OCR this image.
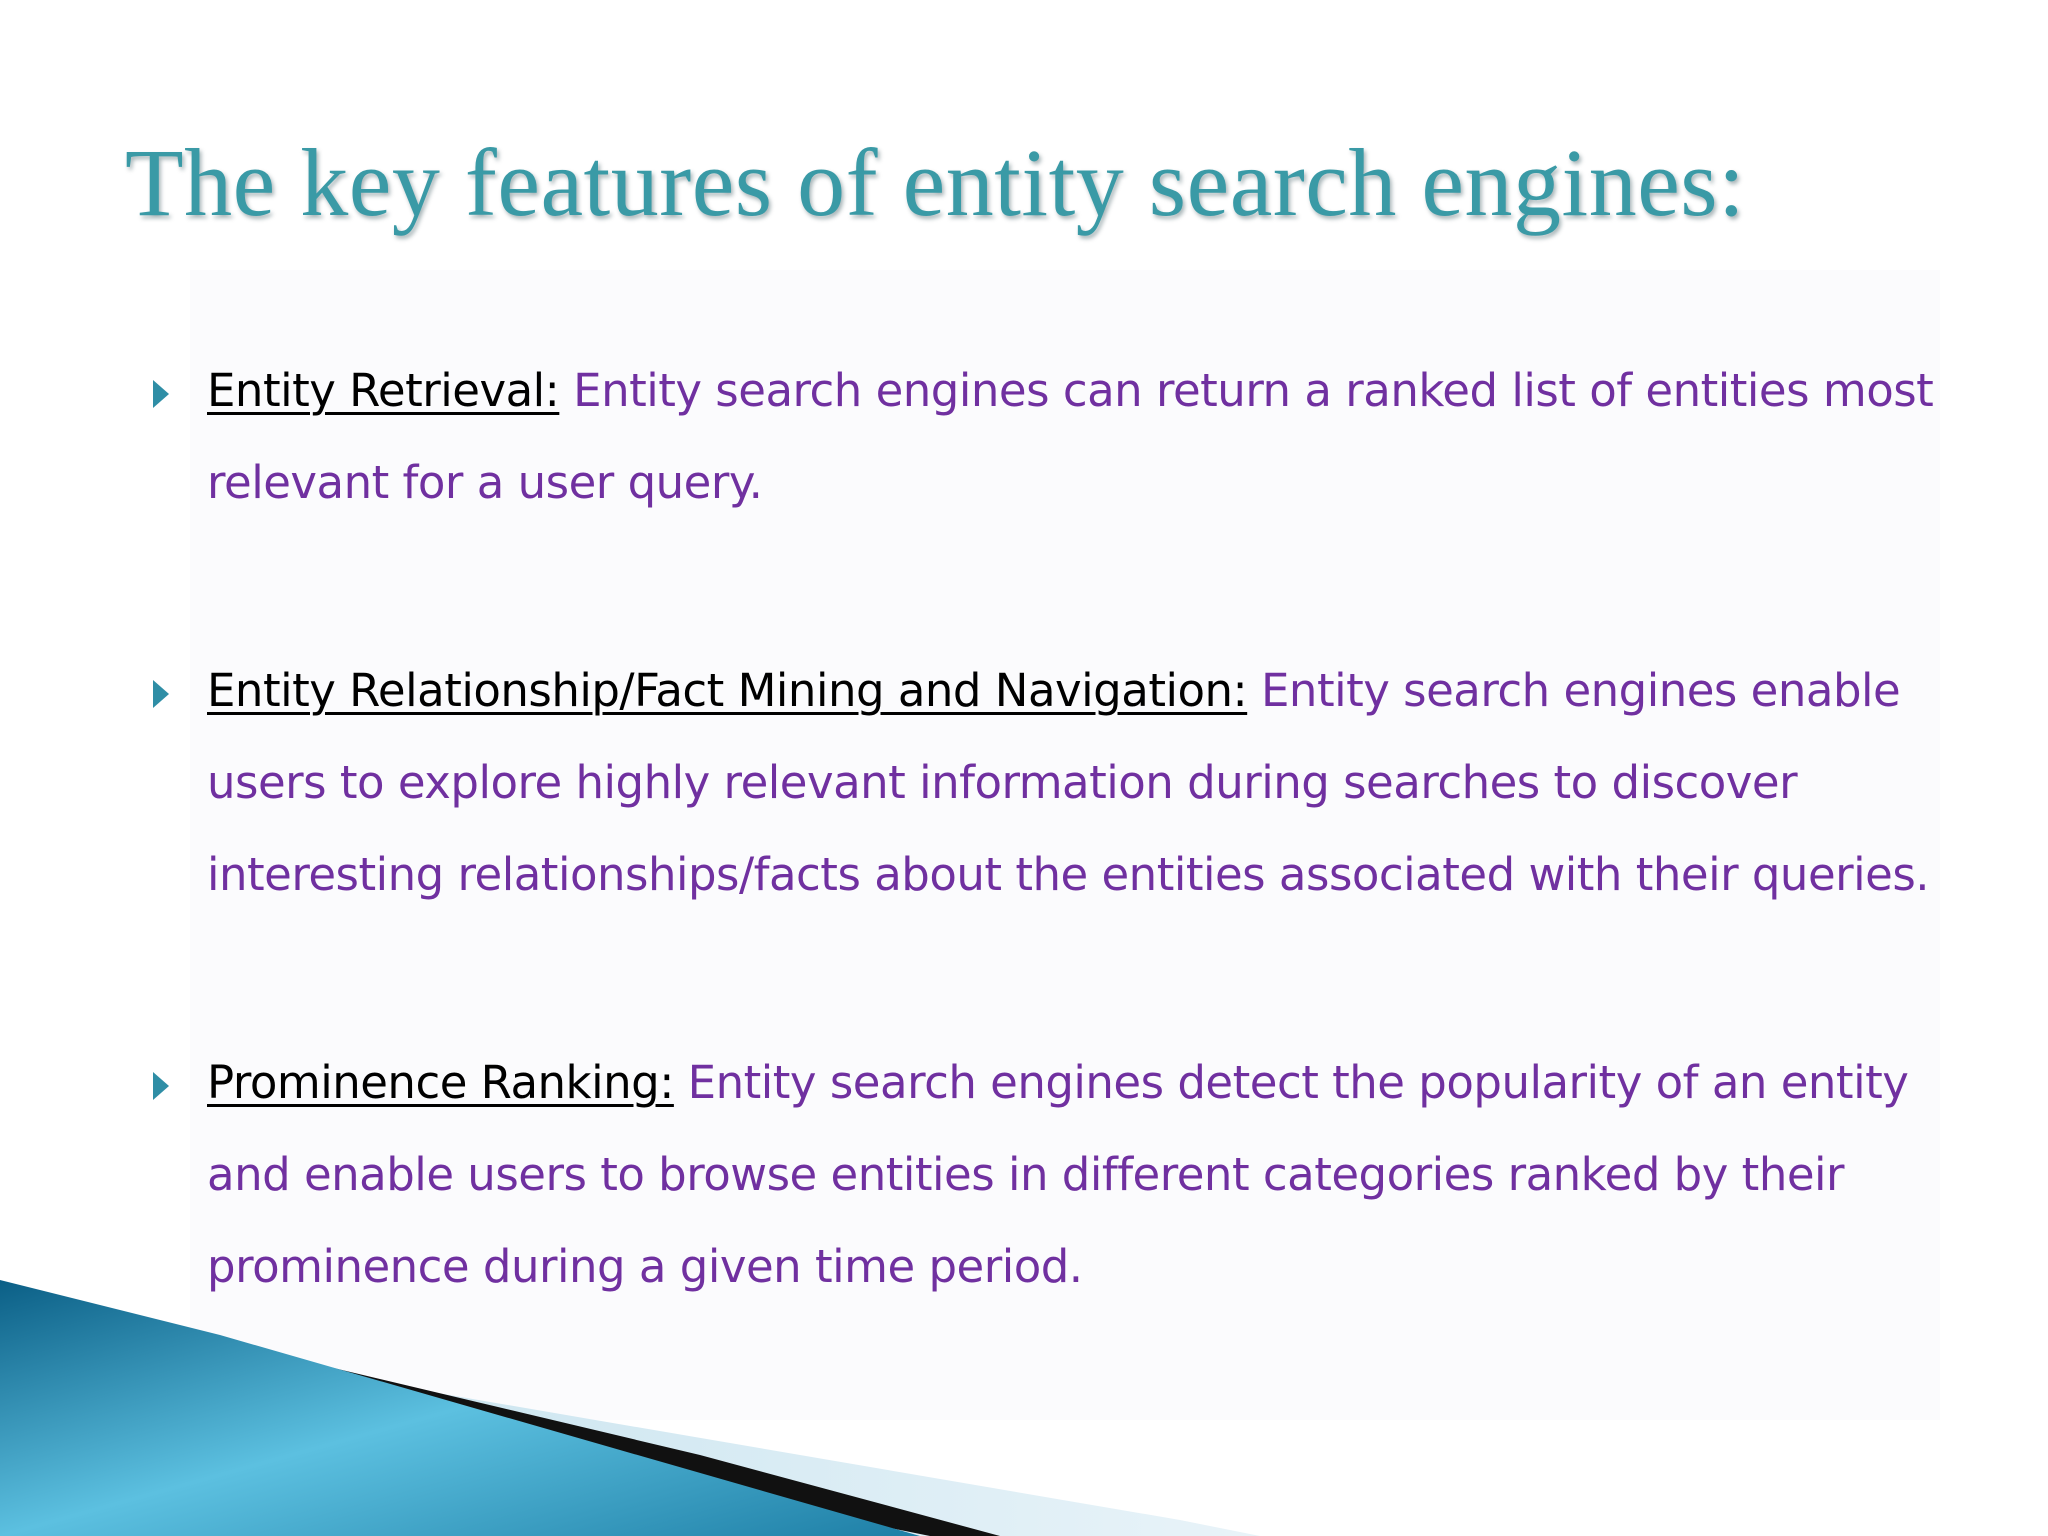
The key features of entity search engines:
Entity Retrieval: Entity search engines can return a ranked list of entities most relevant for a user query.
Entity Relationship/Fact Mining and Navigation: Entity search engines enable users to explore highly relevant information during searches to discover interesting relationships/facts about the entities associated with their queries.
Prominence Ranking: Entity search engines detect the popularity of an entity and enable users to browse entities in different categories ranked by their prominence during a given time period.
